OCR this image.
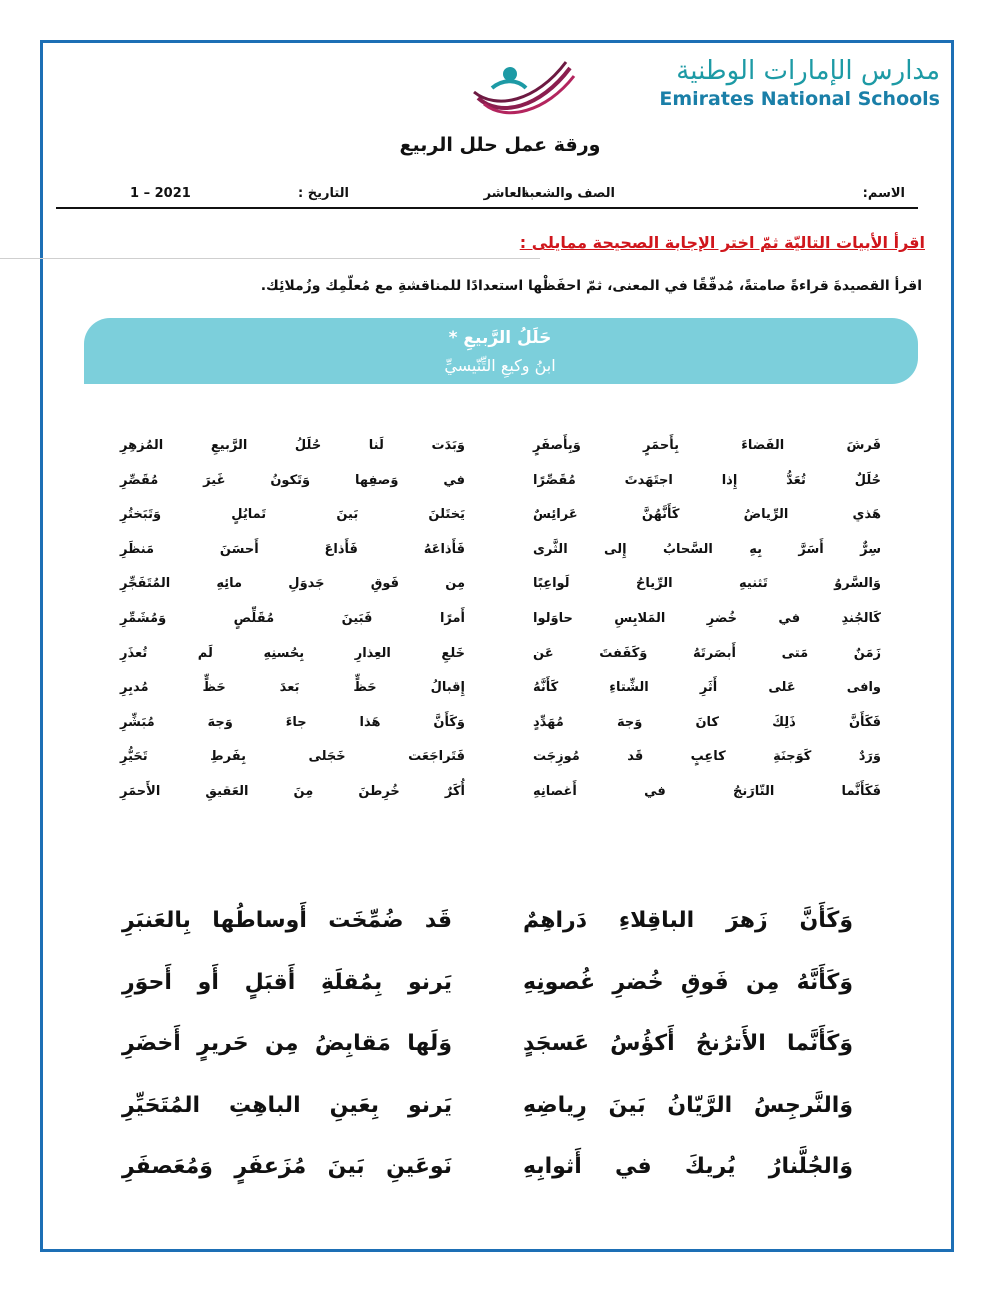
مدارس الإمارات الوطنية
Emirates National Schools
ورقة عمل حلل الربيع
الاسم:
الصف والشعبة:
العاشر
التاريخ :
1 – 2021
اقرأ الأبيات التاليّة ثمّ اختر الإجابة الصحيحة ممايلى :
اقرأ القصيدةَ قراءةً صامتةً، مُدقّقًا في المعنى، ثمّ احفَظْها استعدادًا للمناقشةِ مع مُعلّمِك وزُملائِك.
حَلَلُ الرَّبيعِ *
ابنُ وكيعِ التِّنّيسيِّ
فَرشَ الفَضاءَ بِأَحمَرٍ وَبِأَصفَرٍ
وَبَدَت لَنا حُلَلُ الرَّبيعِ المُزهِرِ
حُلَلٌ تُعَدُّ إِذا اجتَهَدتَ مُقَصِّرًا
في وَصفِها وَتَكونُ غَيرَ مُقَصِّرِ
هَذي الرِّياضُ كَأَنَّهُنَّ عَرائِسٌ
يَختَلنَ بَينَ تَمايُلٍ وَتَبَختُرِ
سِرٌّ أَسَرَّ بِهِ السَّحابُ إِلى الثَّرى
فَأَذاعَهُ فَأَذاعَ أَحسَنَ مَنظَرِ
وَالسَّروُ تَثنيهِ الرِّياحُ لَواعِبًا
مِن فَوقِ جَدوَلِ مائِهِ المُتَفَجِّرِ
كَالجُندِ في خُضرِ المَلابِسِ حاوَلوا
أَمرًا فَبَينَ مُقَلِّصٍ وَمُشَمِّرِ
زَمَنٌ مَتى أَبصَرتَهُ وَكَفَفتَ عَن
خَلعِ العِذارِ بِحُسنِهِ لَم تُعذَرِ
وافى عَلى أَثَرِ الشِّتاءِ كَأَنَّهُ
إِقبالُ حَظٍّ بَعدَ حَظٍّ مُدبِرِ
فَكَأَنَّ ذَلِكَ كانَ وَجهَ مُهَدِّدٍ
وَكَأَنَّ هَذا جاءَ وَجهَ مُبَشِّرِ
وَرَدٌ كَوَجنَةِ كاعِبٍ قَد مُوزِجَت
فَتَراجَعَت خَجَلى بِفَرطِ تَحَيُّرِ
فَكَأَنَّما التّارَنجُ في أَغصانِهِ
أُكَرٌ خُرِطنَ مِنَ العَقيقِ الأَحمَرِ
وَكَأَنَّ زَهرَ الباقِلاءِ دَراهِمٌ
قَد ضُمِّخَت أَوساطُها بِالعَنبَرِ
وَكَأَنَّهُ مِن فَوقِ خُضرِ غُصونِهِ
يَرنو بِمُقلَةِ أَقبَلٍ أَو أَحوَرِ
وَكَأَنَّما الأَترُنجُ أَكؤُسُ عَسجَدٍ
وَلَها مَقابِضُ مِن حَريرٍ أَخضَرِ
وَالنَّرجِسُ الرَّيّانُ بَينَ رِياضِهِ
يَرنو بِعَينِ الباهِتِ المُتَحَيِّرِ
وَالجُلَّنارُ يُريكَ في أَثوابِهِ
نَوعَينِ بَينَ مُزَعفَرٍ وَمُعَصفَرِ
